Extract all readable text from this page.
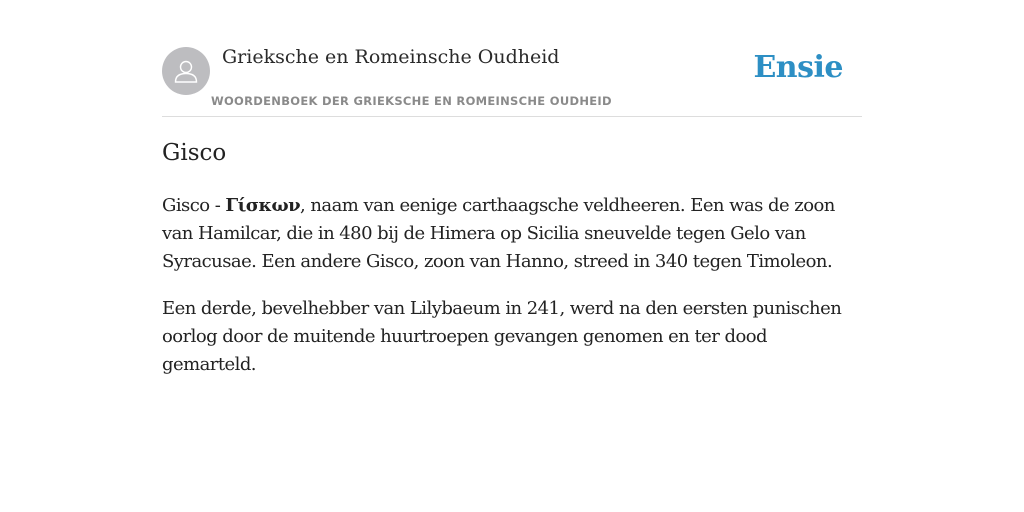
Grieksche en Romeinsche Oudheid
WOORDENBOEK DER GRIEKSCHE EN ROMEINSCHE OUDHEID
Ensie
Gisco

Gisco - Γίσκων, naam van eenige carthaagsche veldheeren. Een was de zoon van Hamilcar, die in 480 bij de Himera op Sicilia sneuvelde tegen Gelo van Syracusae. Een andere Gisco, zoon van Hanno, streed in 340 tegen Timoleon.

Een derde, bevelhebber van Lilybaeum in 241, werd na den eersten punischen oorlog door de muitende huurtroepen gevangen genomen en ter dood gemarteld.
